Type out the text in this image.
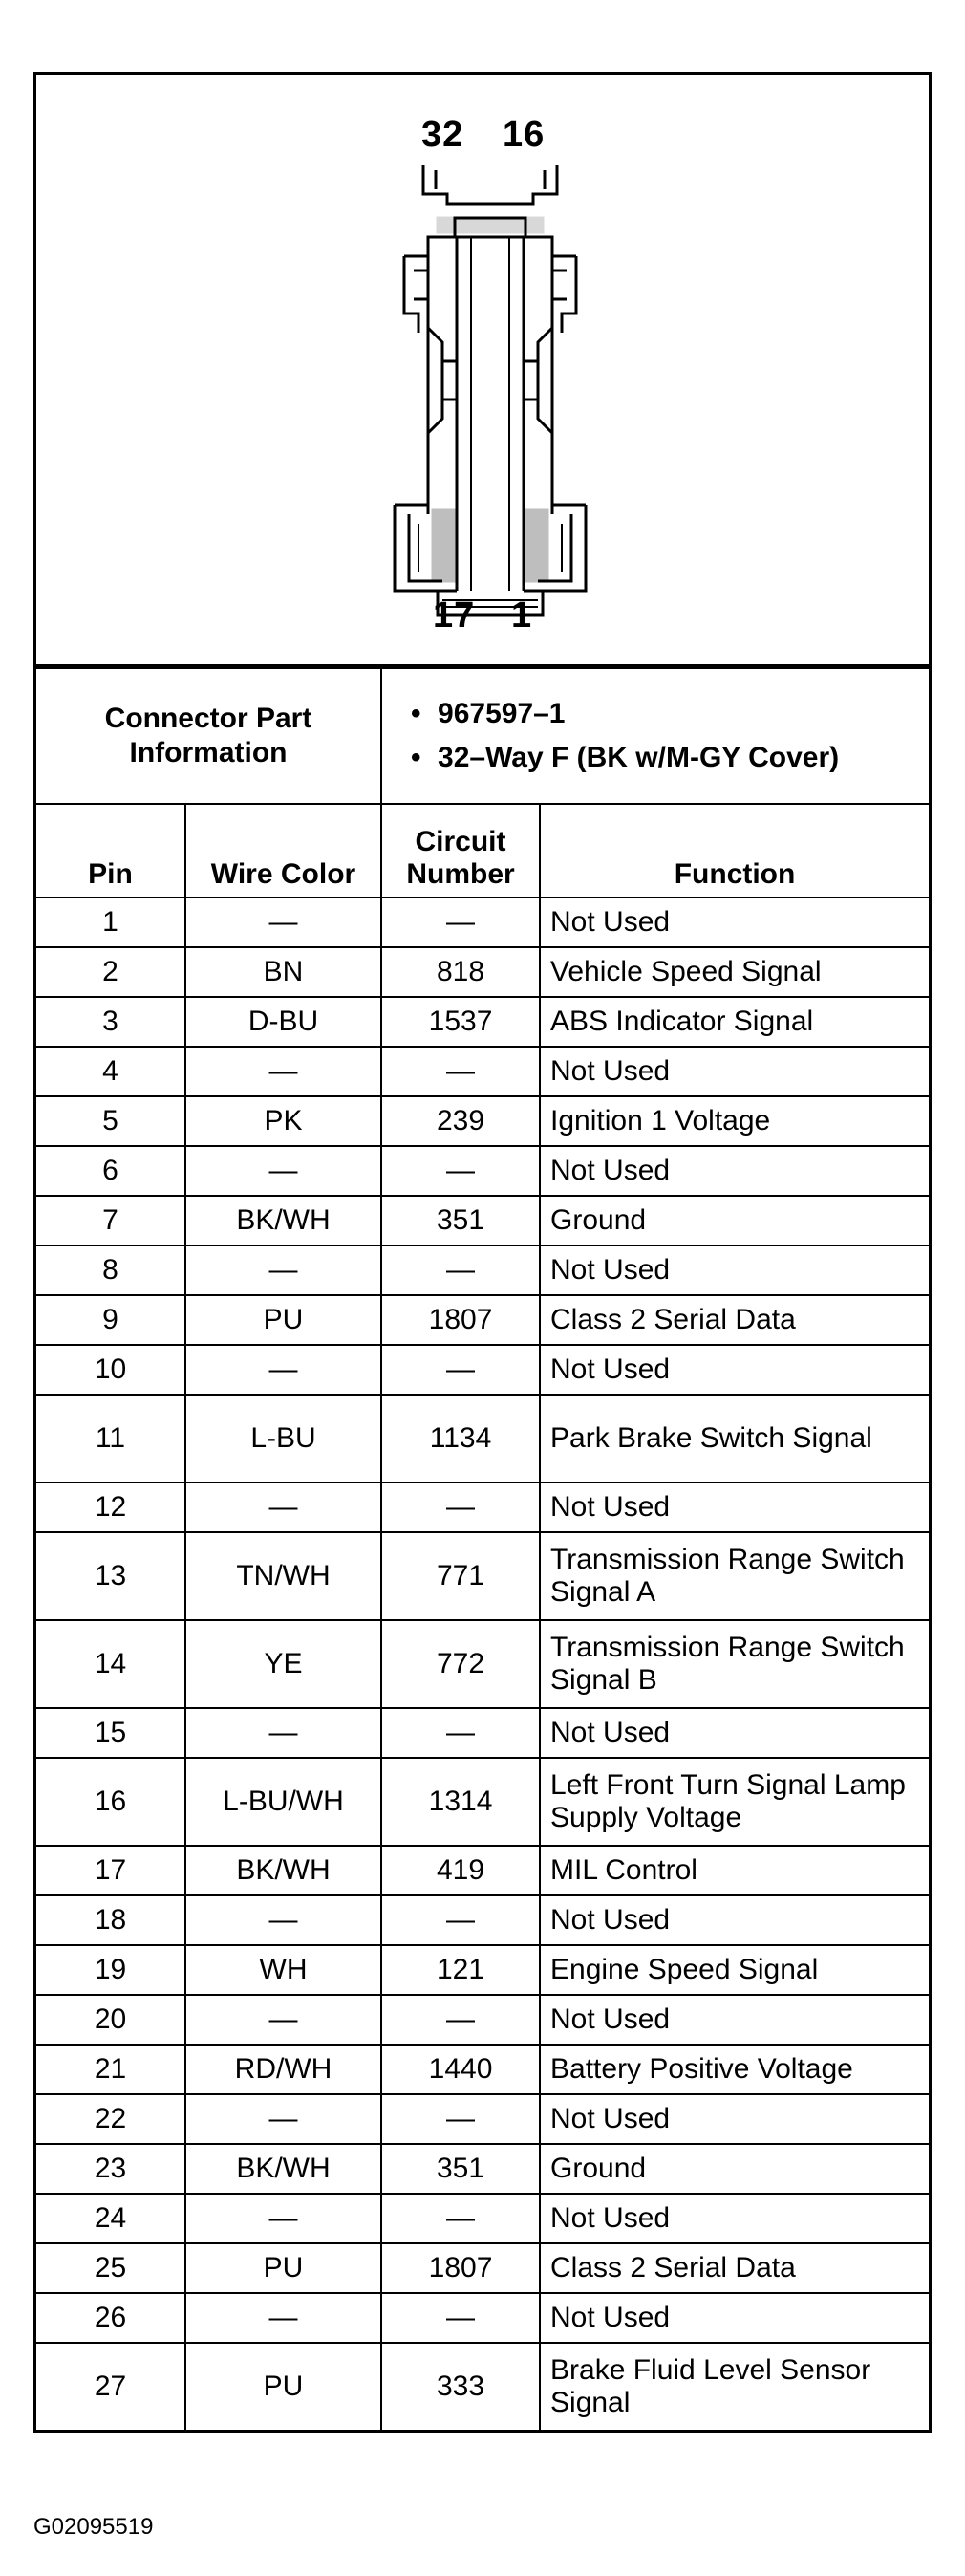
32 16
17 1
Connector Part Information		• 967597–1
• 32–Way F (BK w/M-GY Cover)

Pin	Wire Color	Circuit Number	Function
1	—	—	Not Used
2	BN	818	Vehicle Speed Signal
3	D-BU	1537	ABS Indicator Signal
4	—	—	Not Used
5	PK	239	Ignition 1 Voltage
6	—	—	Not Used
7	BK/WH	351	Ground
8	—	—	Not Used
9	PU	1807	Class 2 Serial Data
10	—	—	Not Used
11	L-BU	1134	Park Brake Switch Signal
12	—	—	Not Used
13	TN/WH	771	Transmission Range Switch Signal A
14	YE	772	Transmission Range Switch Signal B
15	—	—	Not Used
16	L-BU/WH	1314	Left Front Turn Signal Lamp Supply Voltage
17	BK/WH	419	MIL Control
18	—	—	Not Used
19	WH	121	Engine Speed Signal
20	—	—	Not Used
21	RD/WH	1440	Battery Positive Voltage
22	—	—	Not Used
23	BK/WH	351	Ground
24	—	—	Not Used
25	PU	1807	Class 2 Serial Data
26	—	—	Not Used
27	PU	333	Brake Fluid Level Sensor Signal
G02095519
